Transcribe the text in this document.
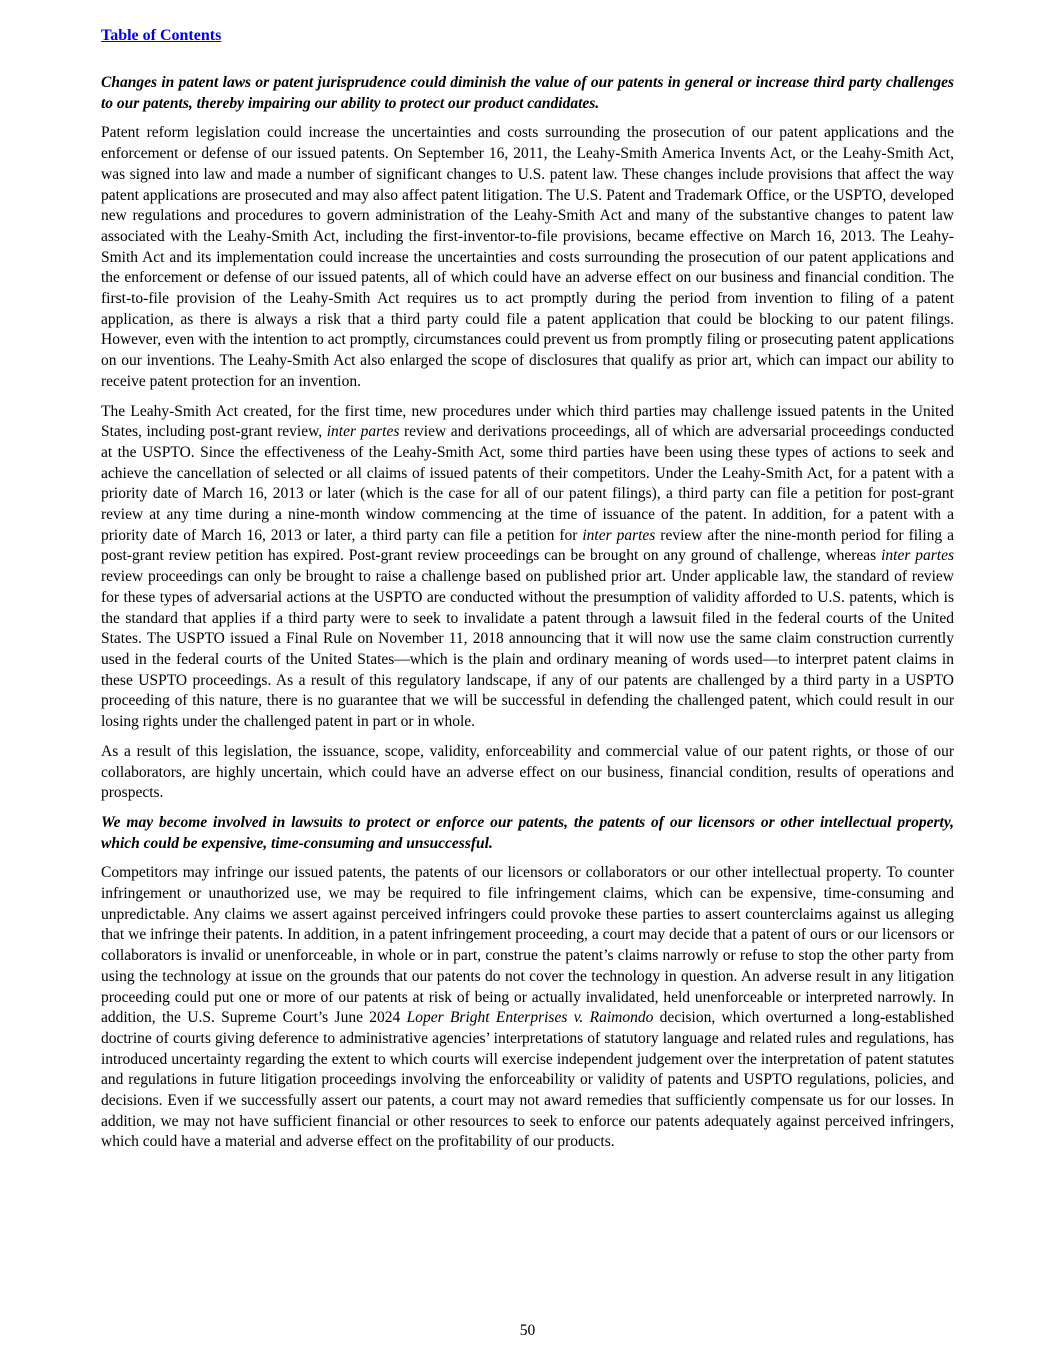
Table of Contents

Changes in patent laws or patent jurisprudence could diminish the value of our patents in general or increase third party challenges to our patents, thereby impairing our ability to protect our product candidates.

Patent reform legislation could increase the uncertainties and costs surrounding the prosecution of our patent applications and the enforcement or defense of our issued patents. On September 16, 2011, the Leahy-Smith America Invents Act, or the Leahy-Smith Act, was signed into law and made a number of significant changes to U.S. patent law. These changes include provisions that affect the way patent applications are prosecuted and may also affect patent litigation. The U.S. Patent and Trademark Office, or the USPTO, developed new regulations and procedures to govern administration of the Leahy-Smith Act and many of the substantive changes to patent law associated with the Leahy-Smith Act, including the first-inventor-to-file provisions, became effective on March 16, 2013. The Leahy-Smith Act and its implementation could increase the uncertainties and costs surrounding the prosecution of our patent applications and the enforcement or defense of our issued patents, all of which could have an adverse effect on our business and financial condition. The first-to-file provision of the Leahy-Smith Act requires us to act promptly during the period from invention to filing of a patent application, as there is always a risk that a third party could file a patent application that could be blocking to our patent filings. However, even with the intention to act promptly, circumstances could prevent us from promptly filing or prosecuting patent applications on our inventions. The Leahy-Smith Act also enlarged the scope of disclosures that qualify as prior art, which can impact our ability to receive patent protection for an invention.

The Leahy-Smith Act created, for the first time, new procedures under which third parties may challenge issued patents in the United States, including post-grant review, inter partes review and derivations proceedings, all of which are adversarial proceedings conducted at the USPTO. Since the effectiveness of the Leahy-Smith Act, some third parties have been using these types of actions to seek and achieve the cancellation of selected or all claims of issued patents of their competitors. Under the Leahy-Smith Act, for a patent with a priority date of March 16, 2013 or later (which is the case for all of our patent filings), a third party can file a petition for post-grant review at any time during a nine-month window commencing at the time of issuance of the patent. In addition, for a patent with a priority date of March 16, 2013 or later, a third party can file a petition for inter partes review after the nine-month period for filing a post-grant review petition has expired. Post-grant review proceedings can be brought on any ground of challenge, whereas inter partes review proceedings can only be brought to raise a challenge based on published prior art. Under applicable law, the standard of review for these types of adversarial actions at the USPTO are conducted without the presumption of validity afforded to U.S. patents, which is the standard that applies if a third party were to seek to invalidate a patent through a lawsuit filed in the federal courts of the United States. The USPTO issued a Final Rule on November 11, 2018 announcing that it will now use the same claim construction currently used in the federal courts of the United States—which is the plain and ordinary meaning of words used—to interpret patent claims in these USPTO proceedings. As a result of this regulatory landscape, if any of our patents are challenged by a third party in a USPTO proceeding of this nature, there is no guarantee that we will be successful in defending the challenged patent, which could result in our losing rights under the challenged patent in part or in whole.

As a result of this legislation, the issuance, scope, validity, enforceability and commercial value of our patent rights, or those of our collaborators, are highly uncertain, which could have an adverse effect on our business, financial condition, results of operations and prospects.

We may become involved in lawsuits to protect or enforce our patents, the patents of our licensors or other intellectual property, which could be expensive, time-consuming and unsuccessful.

Competitors may infringe our issued patents, the patents of our licensors or collaborators or our other intellectual property. To counter infringement or unauthorized use, we may be required to file infringement claims, which can be expensive, time-consuming and unpredictable. Any claims we assert against perceived infringers could provoke these parties to assert counterclaims against us alleging that we infringe their patents. In addition, in a patent infringement proceeding, a court may decide that a patent of ours or our licensors or collaborators is invalid or unenforceable, in whole or in part, construe the patent’s claims narrowly or refuse to stop the other party from using the technology at issue on the grounds that our patents do not cover the technology in question. An adverse result in any litigation proceeding could put one or more of our patents at risk of being or actually invalidated, held unenforceable or interpreted narrowly. In addition, the U.S. Supreme Court’s June 2024 Loper Bright Enterprises v. Raimondo decision, which overturned a long-established doctrine of courts giving deference to administrative agencies’ interpretations of statutory language and related rules and regulations, has introduced uncertainty regarding the extent to which courts will exercise independent judgement over the interpretation of patent statutes and regulations in future litigation proceedings involving the enforceability or validity of patents and USPTO regulations, policies, and decisions. Even if we successfully assert our patents, a court may not award remedies that sufficiently compensate us for our losses. In addition, we may not have sufficient financial or other resources to seek to enforce our patents adequately against perceived infringers, which could have a material and adverse effect on the profitability of our products.

50
